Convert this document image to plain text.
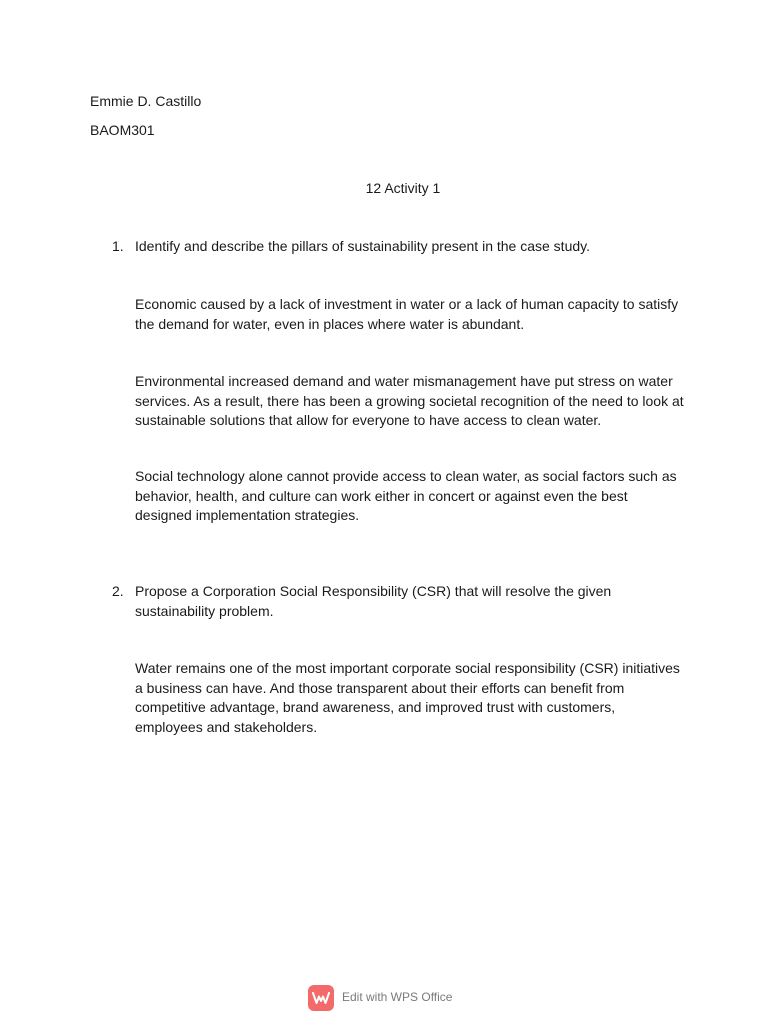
Emmie D. Castillo
BAOM301
12 Activity 1
1. Identify and describe the pillars of sustainability present in the case study.
Economic caused by a lack of investment in water or a lack of human capacity to satisfy the demand for water, even in places where water is abundant.
Environmental increased demand and water mismanagement have put stress on water services. As a result, there has been a growing societal recognition of the need to look at sustainable solutions that allow for everyone to have access to clean water.
Social technology alone cannot provide access to clean water, as social factors such as behavior, health, and culture can work either in concert or against even the best designed implementation strategies.
2. Propose a Corporation Social Responsibility (CSR) that will resolve the given sustainability problem.
Water remains one of the most important corporate social responsibility (CSR) initiatives a business can have. And those transparent about their efforts can benefit from competitive advantage, brand awareness, and improved trust with customers, employees and stakeholders.
Edit with WPS Office
